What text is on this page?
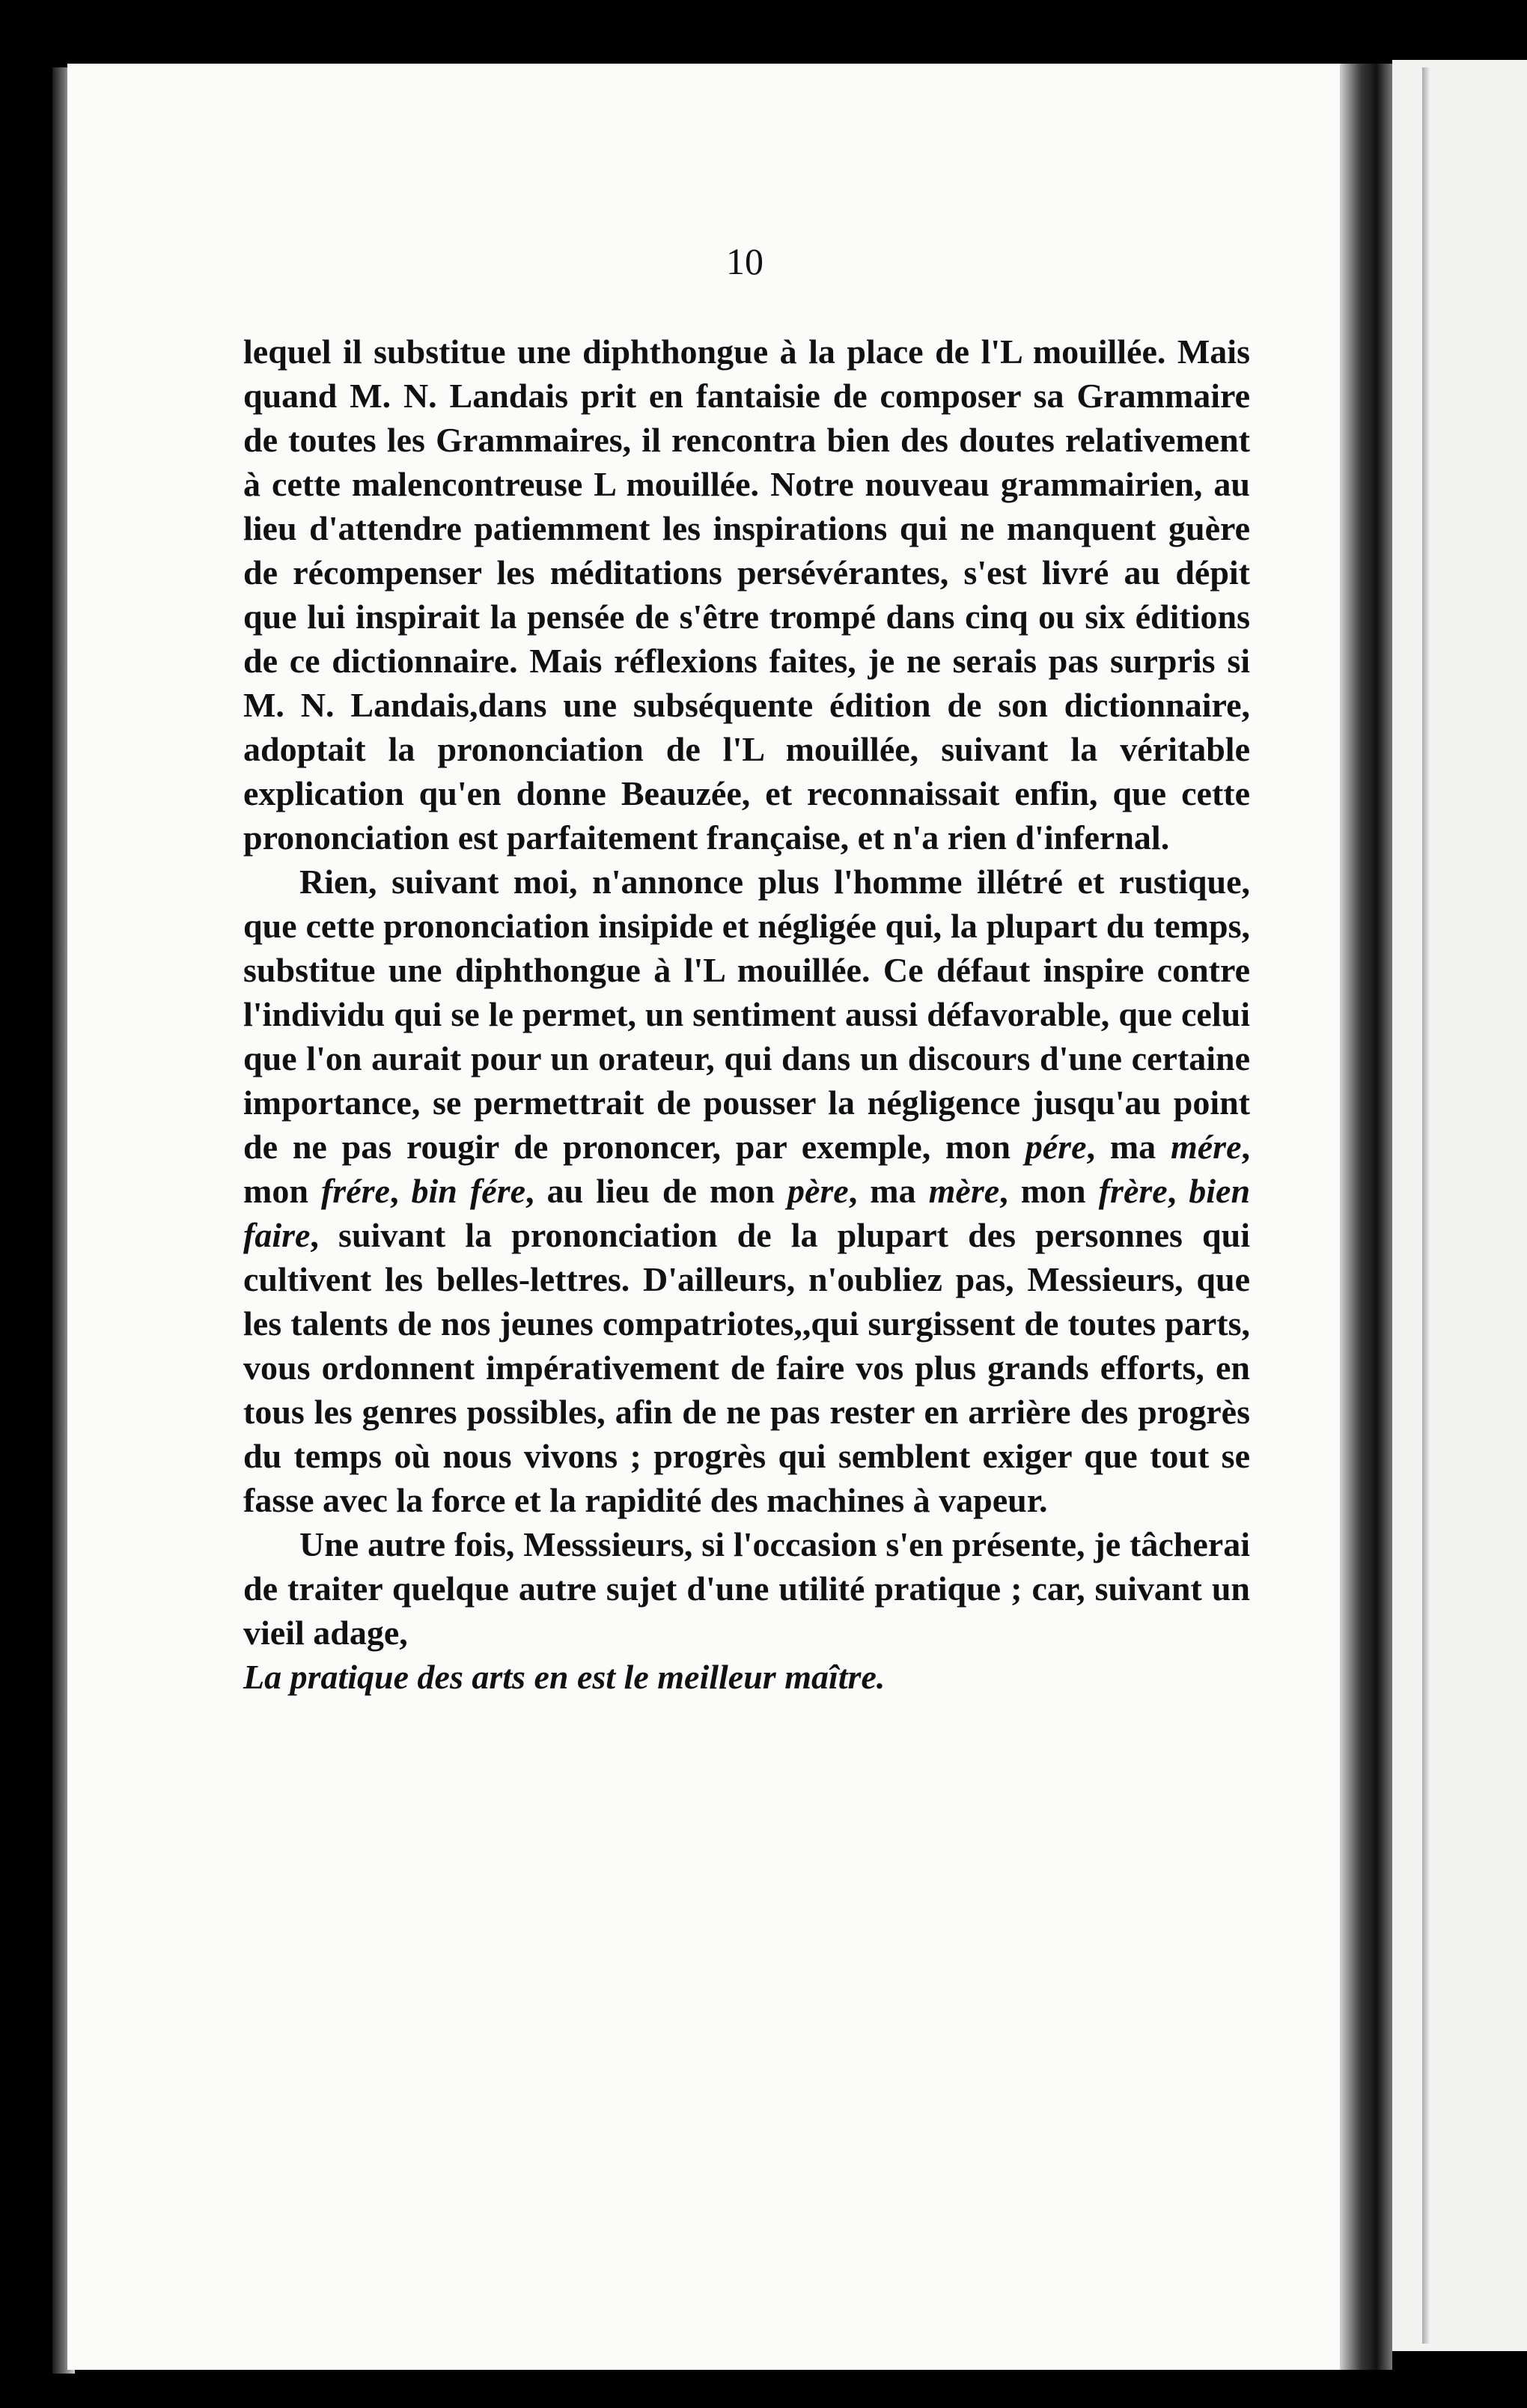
10

lequel il substitue une diphthongue à la place de l'L mouillée. Mais quand M. N. Landais prit en fantaisie de composer sa Grammaire de toutes les Grammaires, il rencontra bien des doutes relativement à cette malencontreuse L mouillée. Notre nouveau grammairien, au lieu d'attendre patiemment les inspirations qui ne manquent guère de récompenser les méditations persévérantes, s'est livré au dépit que lui inspirait la pensée de s'être trompé dans cinq ou six éditions de ce dictionnaire. Mais réflexions faites, je ne serais pas surpris si M. N. Landais,dans une subséquente édition de son dictionnaire, adoptait la prononciation de l'L mouillée, suivant la véritable explication qu'en donne Beauzée, et reconnaissait enfin, que cette prononciation est parfaitement française, et n'a rien d'infernal.

Rien, suivant moi, n'annonce plus l'homme illétré et rustique, que cette prononciation insipide et négligée qui, la plupart du temps, substitue une diphthongue à l'L mouillée. Ce défaut inspire contre l'individu qui se le permet, un sentiment aussi défavorable, que celui que l'on aurait pour un orateur, qui dans un discours d'une certaine importance, se permettrait de pousser la négligence jusqu'au point de ne pas rougir de prononcer, par exemple, mon pére, ma mére, mon frére, bin fére, au lieu de mon père, ma mère, mon frère, bien faire, suivant la prononciation de la plupart des personnes qui cultivent les belles-lettres. D'ailleurs, n'oubliez pas, Messieurs, que les talents de nos jeunes compatriotes,,qui surgissent de toutes parts, vous ordonnent impérativement de faire vos plus grands efforts, en tous les genres possibles, afin de ne pas rester en arrière des progrès du temps où nous vivons ; progrès qui semblent exiger que tout se fasse avec la force et la rapidité des machines à vapeur.

Une autre fois, Messsieurs, si l'occasion s'en présente, je tâcherai de traiter quelque autre sujet d'une utilité pratique ; car, suivant un vieil adage,

La pratique des arts en est le meilleur maître.
